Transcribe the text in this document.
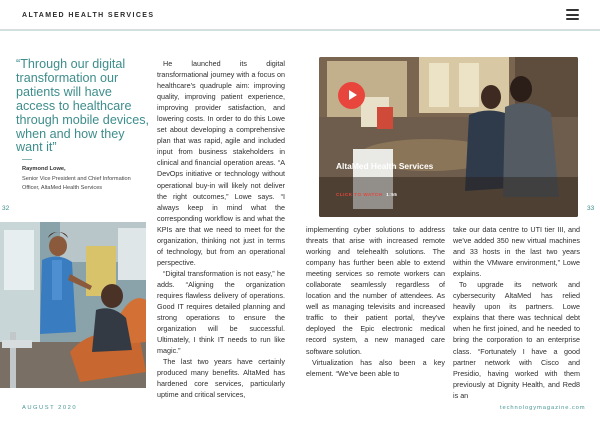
ALTAMED HEALTH SERVICES
32	33
“Through our digital transformation our patients will have access to healthcare through mobile devices, when and how they want it”
Raymond Lowe,
Senior Vice President and Chief Information Officer, AltaMed Health Services

He launched its digital transformational journey with a focus on healthcare’s quadruple aim: improving quality, improving patient experience, improving provider satisfaction, and lowering costs. In order to do this Lowe set about developing a comprehensive plan that was rapid, agile and included input from business stakeholders in clinical and financial operation areas. “A DevOps initiative or technology without operational buy-in will likely not deliver the right outcomes,” Lowe says. “I always keep in mind what the corresponding workflow is and what the KPIs are that we need to meet for the organization, thinking not just in terms of technology, but from an operational perspective.

“Digital transformation is not easy,” he adds. “Aligning the organization requires flawless delivery of operations. Good IT requires detailed planning and strong operations to ensure the organization will be successful. Ultimately, I think IT needs to run like magic.”

The last two years have certainly produced many benefits. AltaMed has hardened core services, particularly uptime and critical services,

AltaMed Health Services
CLICK TO WATCH 1:55

implementing cyber solutions to address threats that arise with increased remote working and telehealth solutions. The company has further been able to extend meeting services so remote workers can collaborate seamlessly regardless of location and the number of attendees. As well as managing televisits and increased traffic to their patient portal, they’ve deployed the Epic electronic medical record system, a new managed care software solution.

Virtualization has also been a key element. “We’ve been able to

take our data centre to UTI tier III, and we’ve added 350 new virtual machines and 33 hosts in the last two years within the VMware environment,” Lowe explains.

To upgrade its network and cybersecurity AltaMed has relied heavily upon its partners. Lowe explains that there was technical debt when he first joined, and he needed to bring the corporation to an enterprise class. “Fortunately I have a good partner network with Cisco and Presidio, having worked with them previously at Dignity Health, and Red8 is an

AUGUST 2020	technologymagazine.com
